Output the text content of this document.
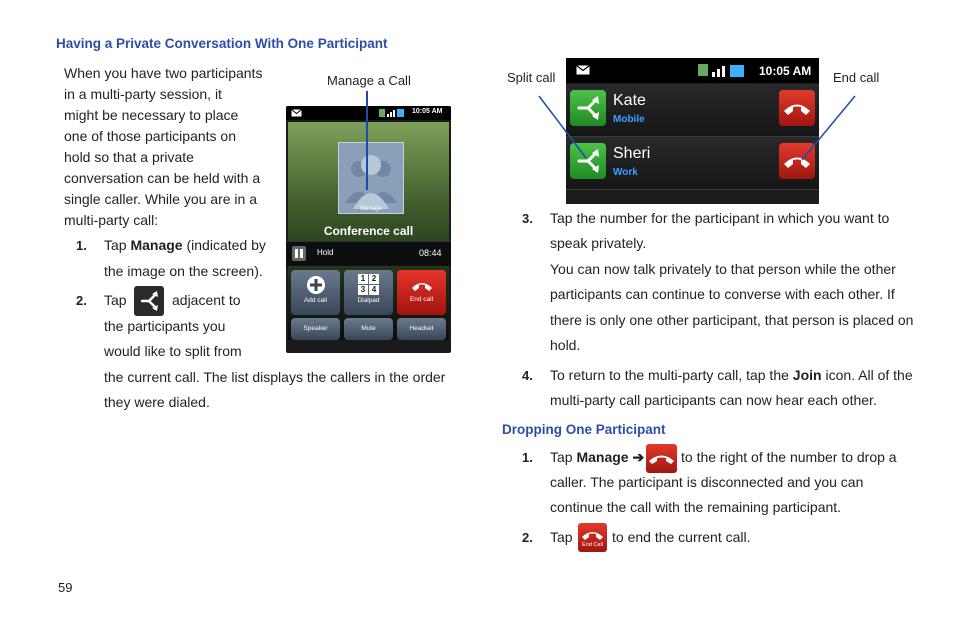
Having a Private Conversation With One Participant
When you have two participants
in a multi-party session, it
might be necessary to place
one of those participants on
hold so that a private
conversation can be held with a
single caller. While you are in a
multi-party call:
1. Tap Manage (indicated by
the image on the screen).
2. Tap	adjacent to
the participants you
would like to split from
the current call. The list displays the callers in the order
they were dialed.
Manage a Call
10:05 AM
Manage
Conference call
Hold	08:44
Add call
1 2
3 4
Dialpad	End call
Speaker	Mute	Headset
Split call	End call
10:05 AM
Kate
Mobile
Sheri
Work
3. Tap the number for the participant in which you want to
speak privately.
You can now talk privately to that person while the other
participants can continue to converse with each other. If
there is only one other participant, that person is placed on
hold.
4. To return to the multi-party call, tap the Join icon. All of the
multi-party call participants can now hear each other.
Dropping One Participant
1. Tap Manage ➔	to the right of the number to drop a
caller. The participant is disconnected and you can
continue the call with the remaining participant.
2. Tap	End Call to end the current call.
59
